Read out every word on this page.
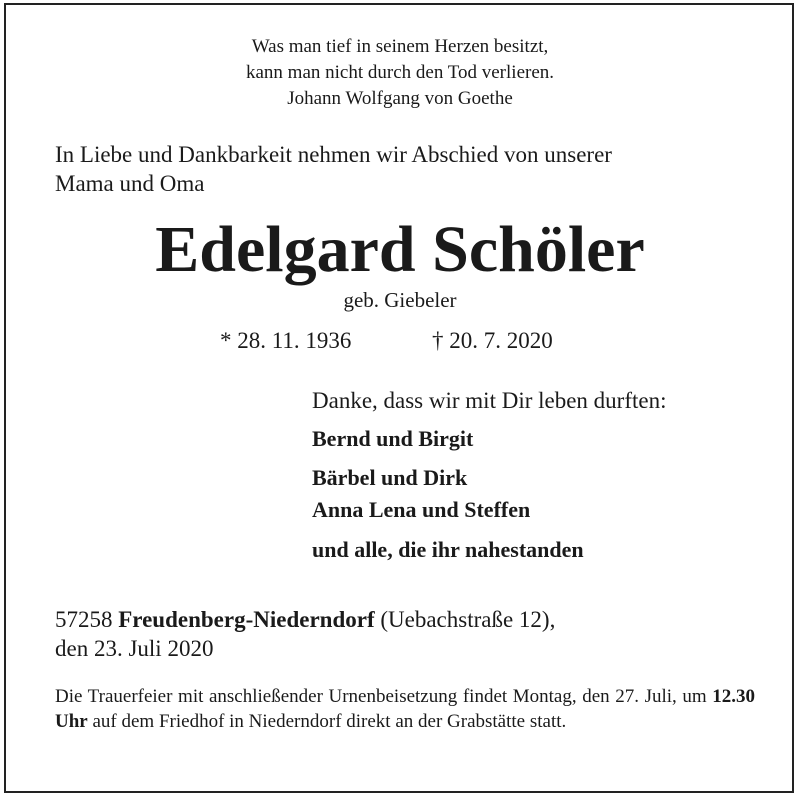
Was man tief in seinem Herzen besitzt,
kann man nicht durch den Tod verlieren.
Johann Wolfgang von Goethe
In Liebe und Dankbarkeit nehmen wir Abschied von unserer
Mama und Oma
Edelgard Schöler
geb. Giebeler
* 28. 11. 1936	† 20. 7. 2020
Danke, dass wir mit Dir leben durften:
Bernd und Birgit
Bärbel und Dirk
Anna Lena und Steffen
und alle, die ihr nahestanden
57258 Freudenberg-Niederndorf (Uebachstraße 12),
den 23. Juli 2020
Die Trauerfeier mit anschließender Urnenbeisetzung findet Montag, den 27. Juli, um 12.30 Uhr auf dem Friedhof in Niederndorf direkt an der Grabstätte statt.
